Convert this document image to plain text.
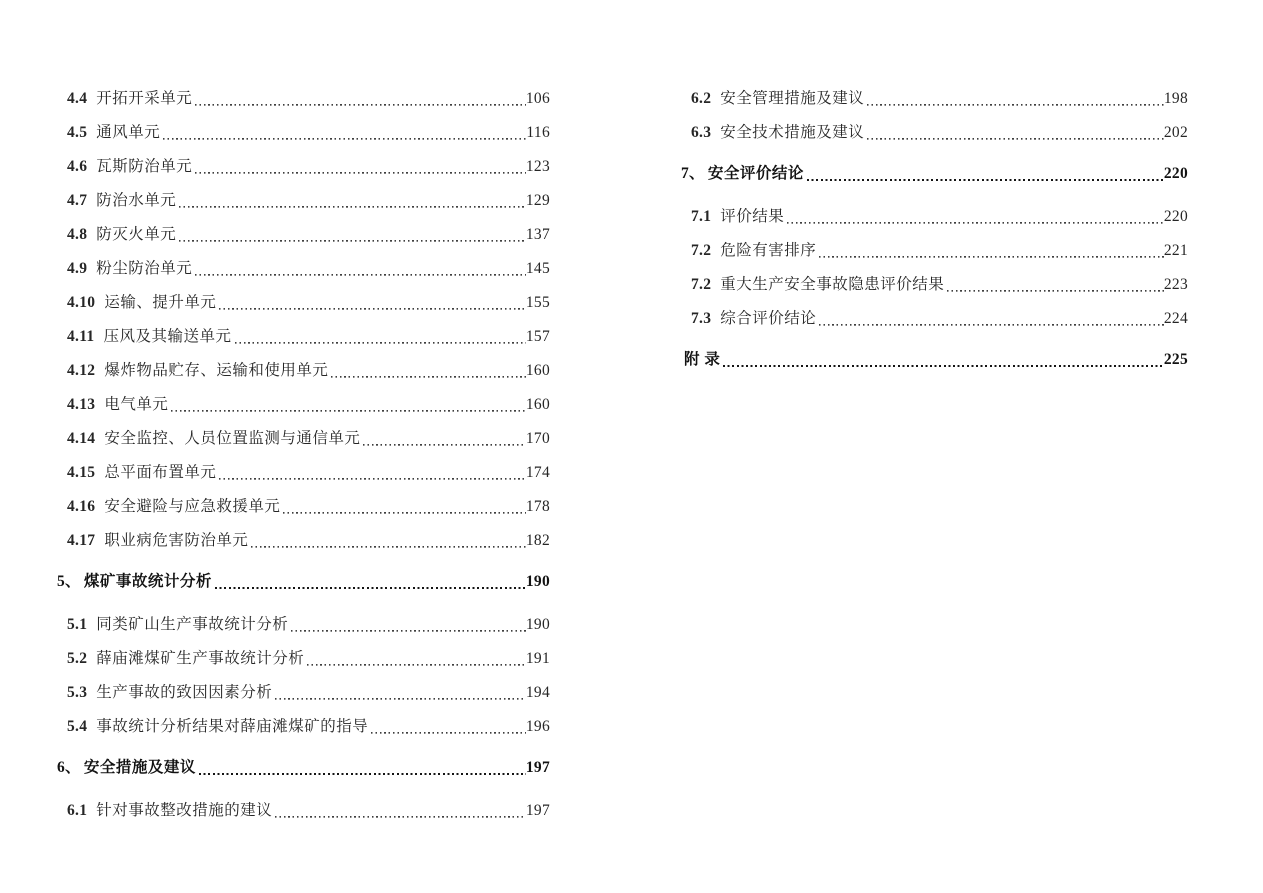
4.4 开拓开采单元	106
4.5 通风单元	116
4.6 瓦斯防治单元	123
4.7 防治水单元	129
4.8 防灭火单元	137
4.9 粉尘防治单元	145
4.10 运输、提升单元	155
4.11 压风及其输送单元	157
4.12 爆炸物品贮存、运输和使用单元	160
4.13 电气单元	160
4.14 安全监控、人员位置监测与通信单元	170
4.15 总平面布置单元	174
4.16 安全避险与应急救援单元	178
4.17 职业病危害防治单元	182
5、 煤矿事故统计分析	190
5.1 同类矿山生产事故统计分析	190
5.2 薛庙滩煤矿生产事故统计分析	191
5.3 生产事故的致因因素分析	194
5.4 事故统计分析结果对薛庙滩煤矿的指导	196
6、 安全措施及建议	197
6.1 针对事故整改措施的建议	197
6.2 安全管理措施及建议	198
6.3 安全技术措施及建议	202
7、 安全评价结论	220
7.1 评价结果	220
7.2 危险有害排序	221
7.2 重大生产安全事故隐患评价结果	223
7.3 综合评价结论	224
附 录	225
